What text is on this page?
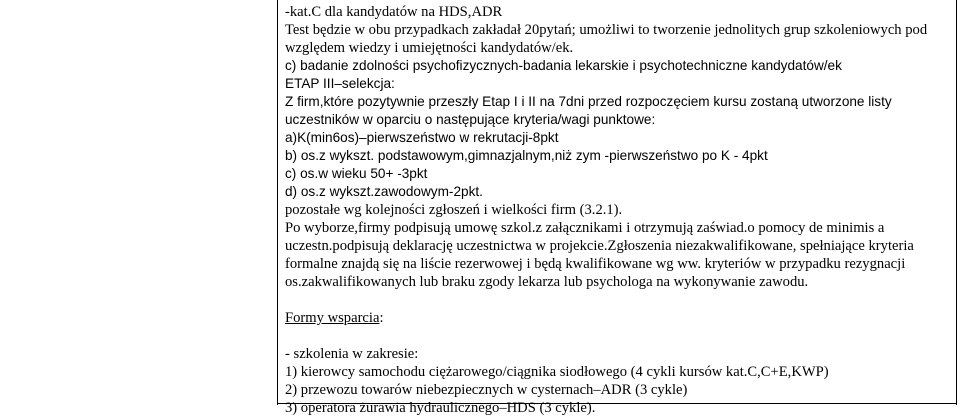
-kat.C dla kandydatów na HDS,ADR
Test będzie w obu przypadkach zakładał 20pytań; umożliwi to tworzenie jednolitych grup szkoleniowych pod
względem wiedzy i umiejętności kandydatów/ek.
c) badanie zdolności psychofizycznych-badania lekarskie i psychotechniczne kandydatów/ek
ETAP III–selekcja:
Z firm,które pozytywnie przeszły Etap I i II na 7dni przed rozpoczęciem kursu zostaną utworzone listy
uczestników w oparciu o następujące kryteria/wagi punktowe:
a)K(min6os)–pierwszeństwo w rekrutacji-8pkt
b) os.z wykszt. podstawowym,gimnazjalnym,niż zym -pierwszeństwo po K - 4pkt
c) os.w wieku 50+ -3pkt
d) os.z wykszt.zawodowym-2pkt.
pozostałe wg kolejności zgłoszeń i wielkości firm (3.2.1).
Po wyborze,firmy podpisują umowę szkol.z załącznikami i otrzymują zaświad.o pomocy de minimis a
uczestn.podpisują deklarację uczestnictwa w projekcie.Zgłoszenia niezakwalifikowane, spełniające kryteria
formalne znajdą się na liście rezerwowej i będą kwalifikowane wg ww. kryteriów w przypadku rezygnacji
os.zakwalifikowanych lub braku zgody lekarza lub psychologa na wykonywanie zawodu.
Formy wsparcia:
- szkolenia w zakresie:
1) kierowcy samochodu ciężarowego/ciągnika siodłowego (4 cykli kursów kat.C,C+E,KWP)
2) przewozu towarów niebezpiecznych w cysternach–ADR (3 cykle)
3) operatora żurawia hydraulicznego–HDS (3 cykle).
